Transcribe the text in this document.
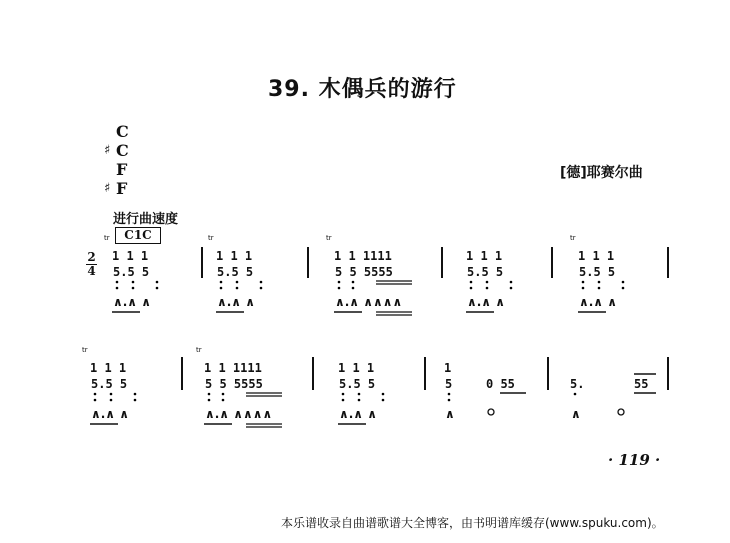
39. 木偶兵的游行
C
♯ C
F
♯ F
[德]耶赛尔曲
进行曲速度
C1C
2
4
tr
1 1 1
5.5 5
∧.∧ ∧
tr
1 1 1
5.5 5
∧.∧ ∧
tr
1 1 1111
5 5 5555
∧.∧ ∧∧∧∧
1 1 1
5.5 5
∧.∧ ∧
tr
1 1 1
5.5 5
∧.∧ ∧
tr
1 1 1
5.5 5
∧.∧ ∧
tr
1 1 1111
5 5 5555
∧.∧ ∧∧∧∧
1 1 1
5.5 5
∧.∧ ∧
1
5	0 55
∧
5.	55
∧
· 119 ·
本乐谱收录自曲谱歌谱大全博客，由书明谱库缓存(www.spuku.com)。
